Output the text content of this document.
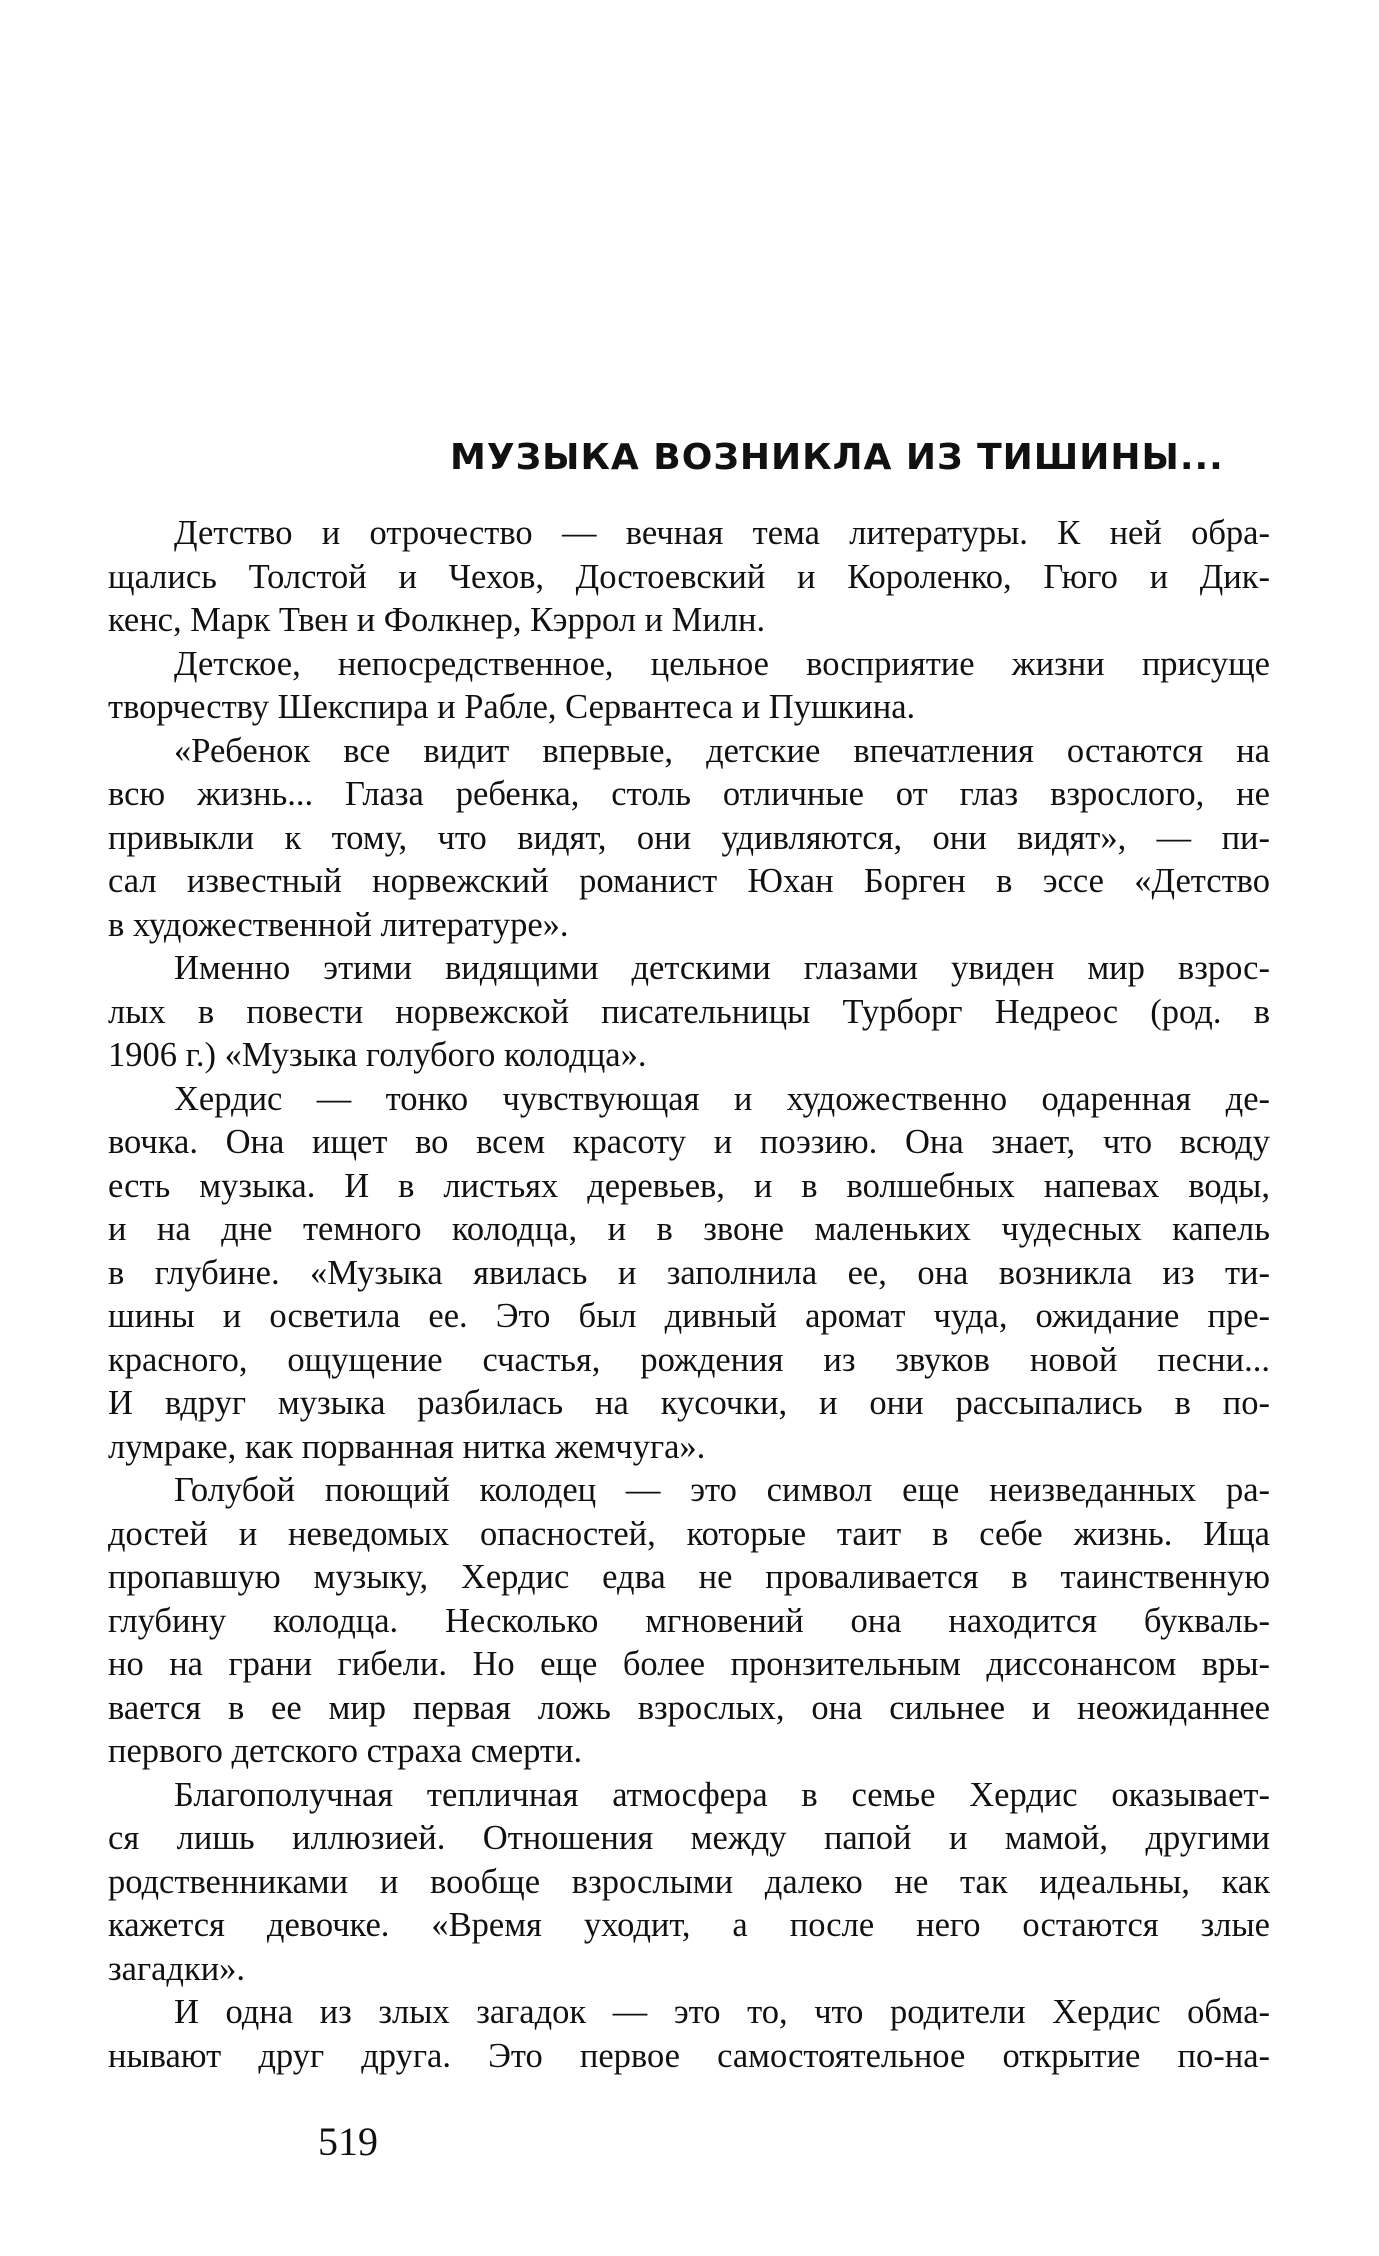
МУЗЫКА ВОЗНИКЛА ИЗ ТИШИНЫ...
Детство и отрочество — вечная тема литературы. К ней обра-
щались Толстой и Чехов, Достоевский и Короленко, Гюго и Дик-
кенс, Марк Твен и Фолкнер, Кэррол и Милн.
Детское, непосредственное, цельное восприятие жизни присуще
творчеству Шекспира и Рабле, Сервантеса и Пушкина.
«Ребенок все видит впервые, детские впечатления остаются на
всю жизнь... Глаза ребенка, столь отличные от глаз взрослого, не
привыкли к тому, что видят, они удивляются, они видят», — пи-
сал известный норвежский романист Юхан Борген в эссе «Детство
в художественной литературе».
Именно этими видящими детскими глазами увиден мир взрос-
лых в повести норвежской писательницы Турборг Недреос (род. в
1906 г.) «Музыка голубого колодца».
Хердис — тонко чувствующая и художественно одаренная де-
вочка. Она ищет во всем красоту и поэзию. Она знает, что всюду
есть музыка. И в листьях деревьев, и в волшебных напевах воды,
и на дне темного колодца, и в звоне маленьких чудесных капель
в глубине. «Музыка явилась и заполнила ее, она возникла из ти-
шины и осветила ее. Это был дивный аромат чуда, ожидание пре-
красного, ощущение счастья, рождения из звуков новой песни...
И вдруг музыка разбилась на кусочки, и они рассыпались в по-
лумраке, как порванная нитка жемчуга».
Голубой поющий колодец — это символ еще неизведанных ра-
достей и неведомых опасностей, которые таит в себе жизнь. Ища
пропавшую музыку, Хердис едва не проваливается в таинственную
глубину колодца. Несколько мгновений она находится букваль-
но на грани гибели. Но еще более пронзительным диссонансом вры-
вается в ее мир первая ложь взрослых, она сильнее и неожиданнее
первого детского страха смерти.
Благополучная тепличная атмосфера в семье Хердис оказывает-
ся лишь иллюзией. Отношения между папой и мамой, другими
родственниками и вообще взрослыми далеко не так идеальны, как
кажется девочке. «Время уходит, а после него остаются злые
загадки».
И одна из злых загадок — это то, что родители Хердис обма-
нывают друг друга. Это первое самостоятельное открытие по-на-
519
